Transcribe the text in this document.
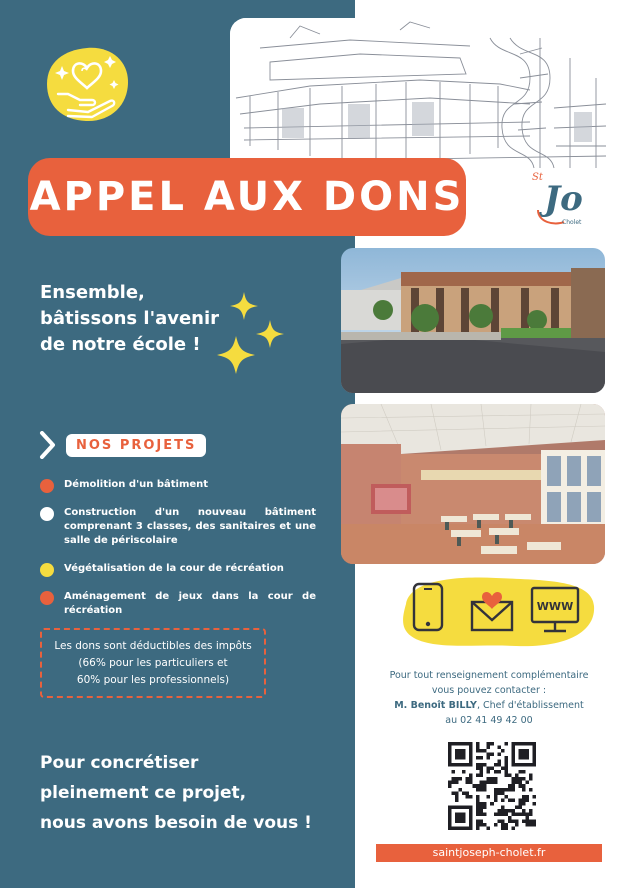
APPEL AUX DONS	St
Jo
Cholet
Ensemble,
bâtissons l'avenir
de notre école !
NOS PROJETS
Démolition d'un bâtiment
Construction d'un nouveau bâtiment comprenant 3 classes, des sanitaires et une salle de périscolaire
Végétalisation de la cour de récréation
Aménagement de jeux dans la cour de récréation
Les dons sont déductibles des impôts
(66% pour les particuliers et
60% pour les professionnels)
Pour concrétiser
pleinement ce projet,
nous avons besoin de vous !
WWW
Pour tout renseignement complémentaire
vous pouvez contacter :
M. Benoît BILLY, Chef d'établissement
au 02 41 49 42 00
saintjoseph-cholet.fr
